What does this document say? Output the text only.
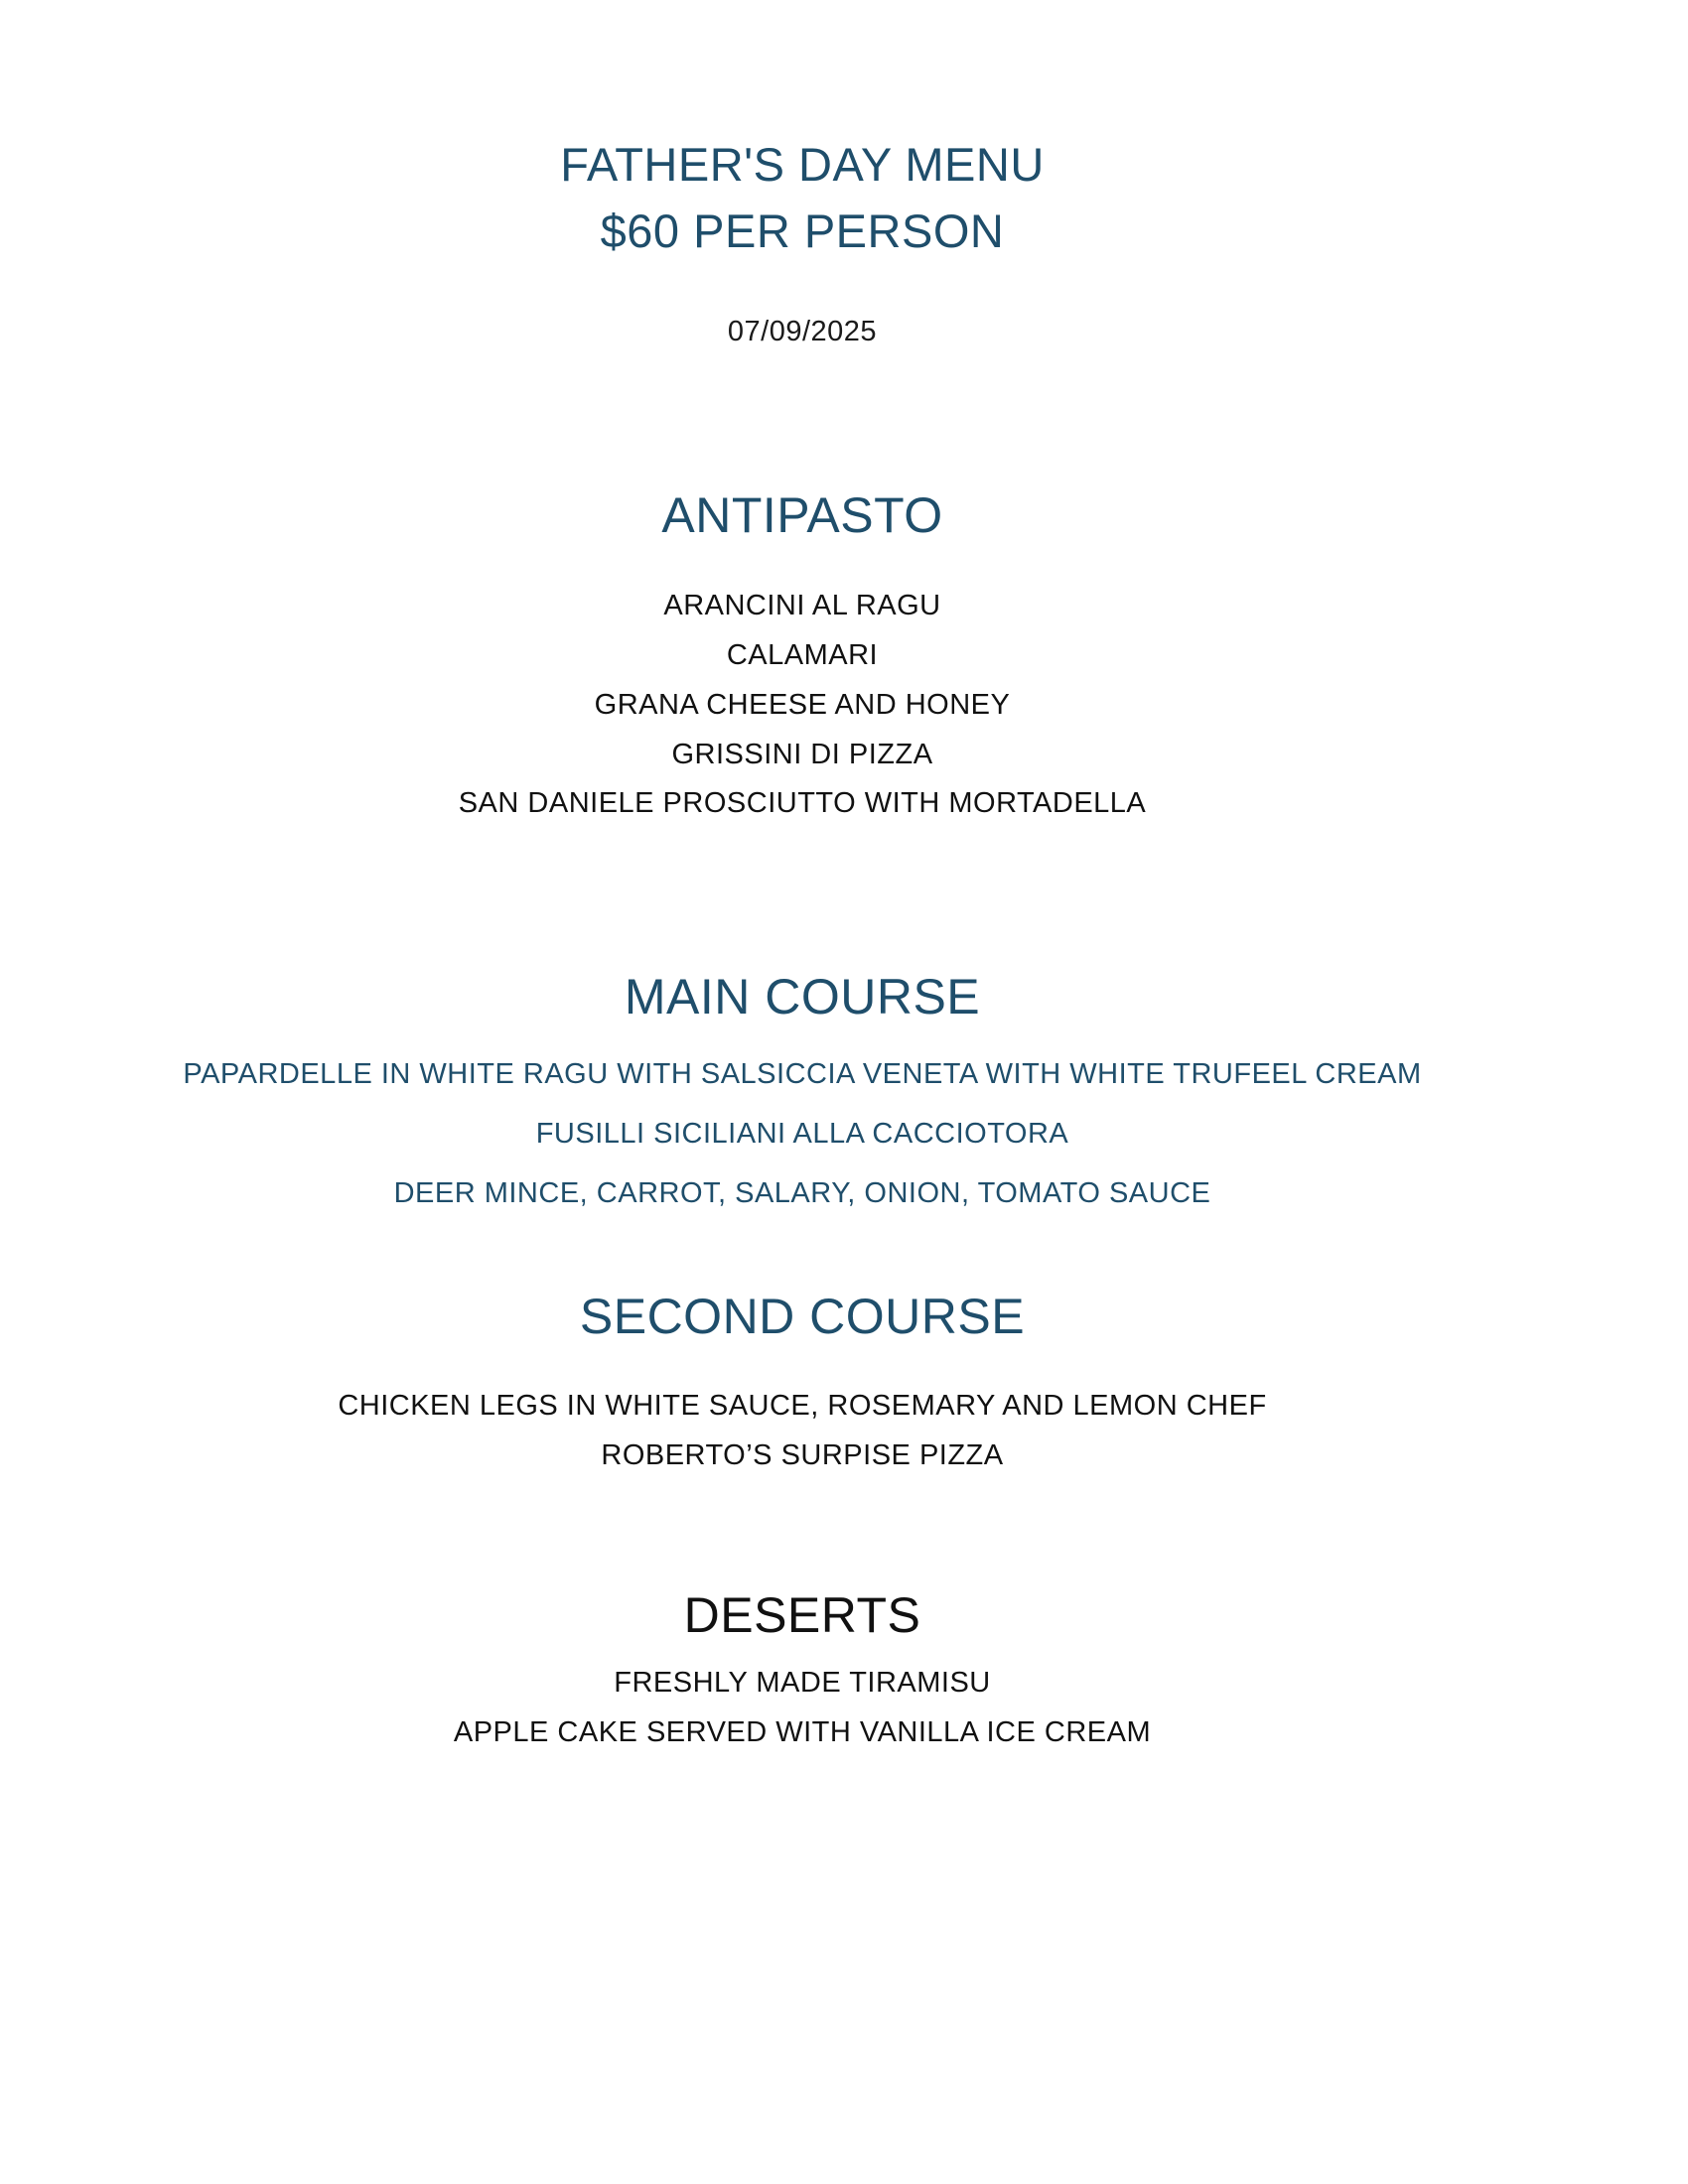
FATHER'S DAY MENU
$60 PER PERSON
07/09/2025
ANTIPASTO
ARANCINI AL RAGU
CALAMARI
GRANA CHEESE AND HONEY
GRISSINI DI PIZZA
SAN DANIELE PROSCIUTTO WITH MORTADELLA
MAIN COURSE
PAPARDELLE IN WHITE RAGU WITH SALSICCIA VENETA WITH WHITE TRUFEEL CREAM
FUSILLI SICILIANI ALLA CACCIOTORA
DEER MINCE, CARROT, SALARY, ONION, TOMATO SAUCE
SECOND COURSE
CHICKEN LEGS IN WHITE SAUCE, ROSEMARY AND LEMON CHEF
ROBERTO’S SURPISE PIZZA
DESERTS
FRESHLY MADE TIRAMISU
APPLE CAKE SERVED WITH VANILLA ICE CREAM
